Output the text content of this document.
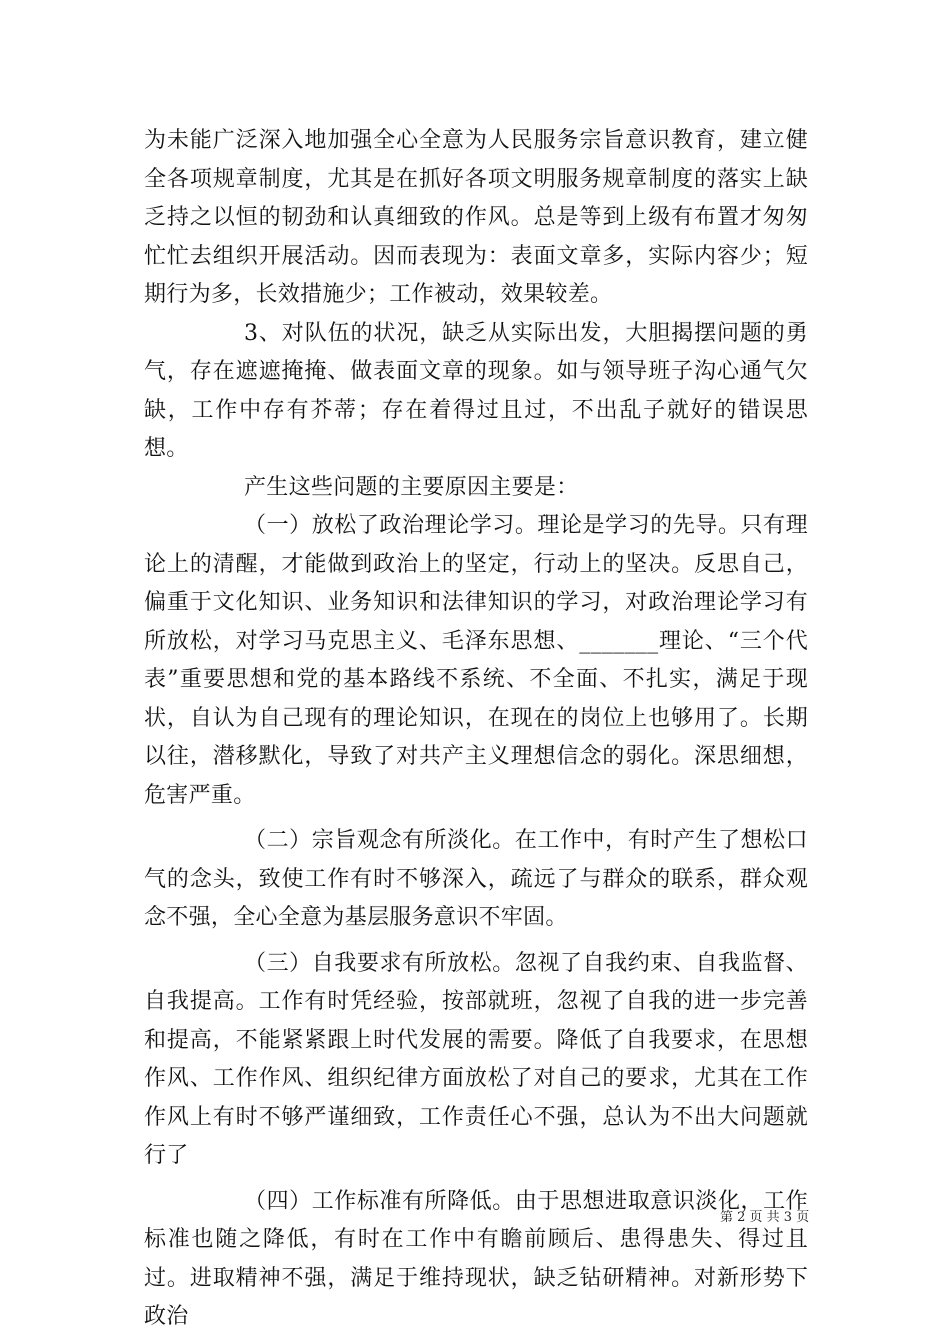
为未能广泛深入地加强全心全意为人民服务宗旨意识教育，建立健全各项规章制度，尤其是在抓好各项文明服务规章制度的落实上缺乏持之以恒的韧劲和认真细致的作风。总是等到上级有布置才匆匆忙忙去组织开展活动。因而表现为：表面文章多，实际内容少；短期行为多，长效措施少；工作被动，效果较差。

3、对队伍的状况，缺乏从实际出发，大胆揭摆问题的勇气，存在遮遮掩掩、做表面文章的现象。如与领导班子沟心通气欠缺，工作中存有芥蒂；存在着得过且过，不出乱子就好的错误思想。

产生这些问题的主要原因主要是：

（一）放松了政治理论学习。理论是学习的先导。只有理论上的清醒，才能做到政治上的坚定，行动上的坚决。反思自己，偏重于文化知识、业务知识和法律知识的学习，对政治理论学习有所放松，对学习马克思主义、毛泽东思想、_______理论、“三个代表”重要思想和党的基本路线不系统、不全面、不扎实，满足于现状，自认为自己现有的理论知识，在现在的岗位上也够用了。长期以往，潜移默化，导致了对共产主义理想信念的弱化。深思细想，危害严重。

（二）宗旨观念有所淡化。在工作中，有时产生了想松口气的念头，致使工作有时不够深入，疏远了与群众的联系，群众观念不强，全心全意为基层服务意识不牢固。

（三）自我要求有所放松。忽视了自我约束、自我监督、自我提高。工作有时凭经验，按部就班，忽视了自我的进一步完善和提高，不能紧紧跟上时代发展的需要。降低了自我要求，在思想作风、工作作风、组织纪律方面放松了对自己的要求，尤其在工作作风上有时不够严谨细致，工作责任心不强，总认为不出大问题就行了

（四）工作标准有所降低。由于思想进取意识淡化，工作标准也随之降低，有时在工作中有瞻前顾后、患得患失、得过且过。进取精神不强，满足于维持现状，缺乏钻研精神。对新形势下政治

第 2 页 共 3 页
